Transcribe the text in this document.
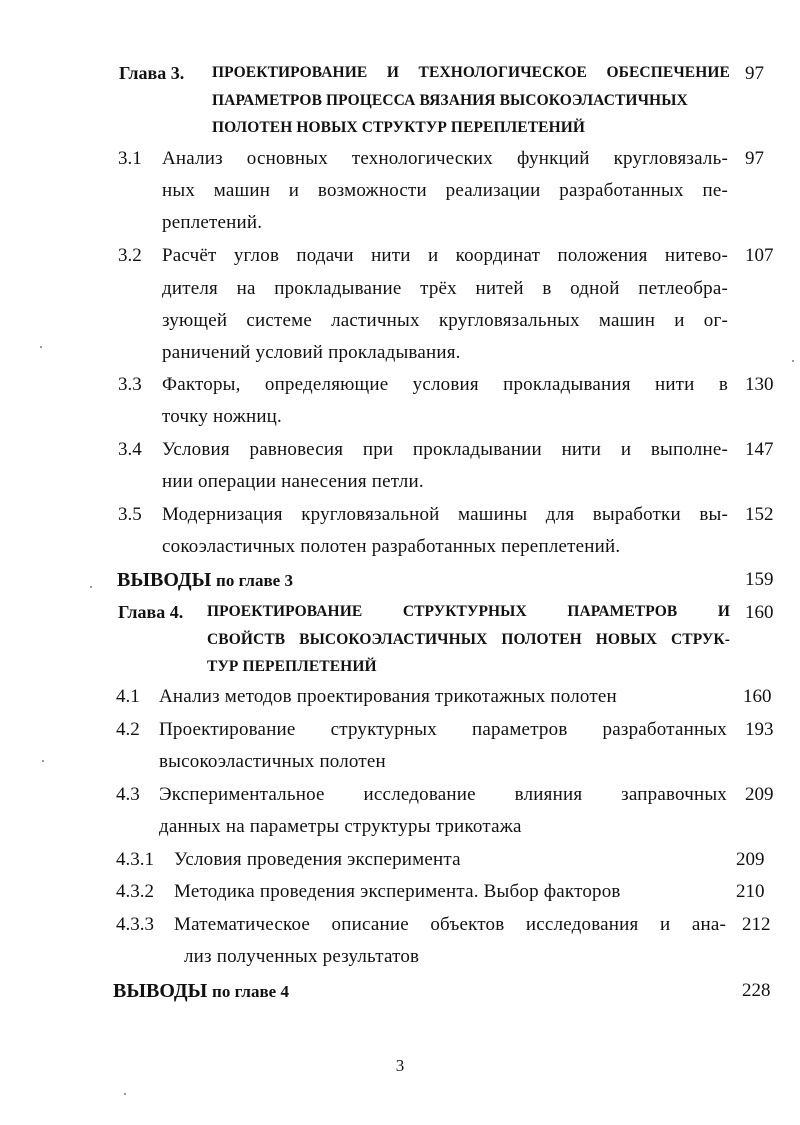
Глава 3. ПРОЕКТИРОВАНИЕ И ТЕХНОЛОГИЧЕСКОЕ ОБЕСПЕЧЕНИЕ
ПАРАМЕТРОВ ПРОЦЕССА ВЯЗАНИЯ ВЫСОКОЭЛАСТИЧНЫХ
ПОЛОТЕН НОВЫХ СТРУКТУР ПЕРЕПЛЕТЕНИЙ
97
3.1 Анализ основных технологических функций кругловязаль-
ных машин и возможности реализации разработанных пе-
реплетений.
97
3.2 Расчёт углов подачи нити и координат положения нитево-
дителя на прокладывание трёх нитей в одной петлеобра-
зующей системе ластичных кругловязальных машин и ог-
раничений условий прокладывания.
107
3.3 Факторы, определяющие условия прокладывания нити в
точку ножниц.
130
3.4 Условия равновесия при прокладывании нити и выполне-
нии операции нанесения петли.
147
3.5 Модернизация кругловязальной машины для выработки вы-
сокоэластичных полотен разработанных переплетений.
152
ВЫВОДЫ по главе 3	159
Глава 4. ПРОЕКТИРОВАНИЕ СТРУКТУРНЫХ ПАРАМЕТРОВ И
СВОЙСТВ ВЫСОКОЭЛАСТИЧНЫХ ПОЛОТЕН НОВЫХ СТРУК-
ТУР ПЕРЕПЛЕТЕНИЙ
160
4.1 Анализ методов проектирования трикотажных полотен	160
4.2 Проектирование структурных параметров разработанных
высокоэластичных полотен
193
4.3 Экспериментальное исследование влияния заправочных
данных на параметры структуры трикотажа
209
4.3.1 Условия проведения эксперимента	209
4.3.2 Методика проведения эксперимента. Выбор факторов	210
4.3.3 Математическое описание объектов исследования и ана-
лиз полученных результатов
212
ВЫВОДЫ по главе 4	228
3
